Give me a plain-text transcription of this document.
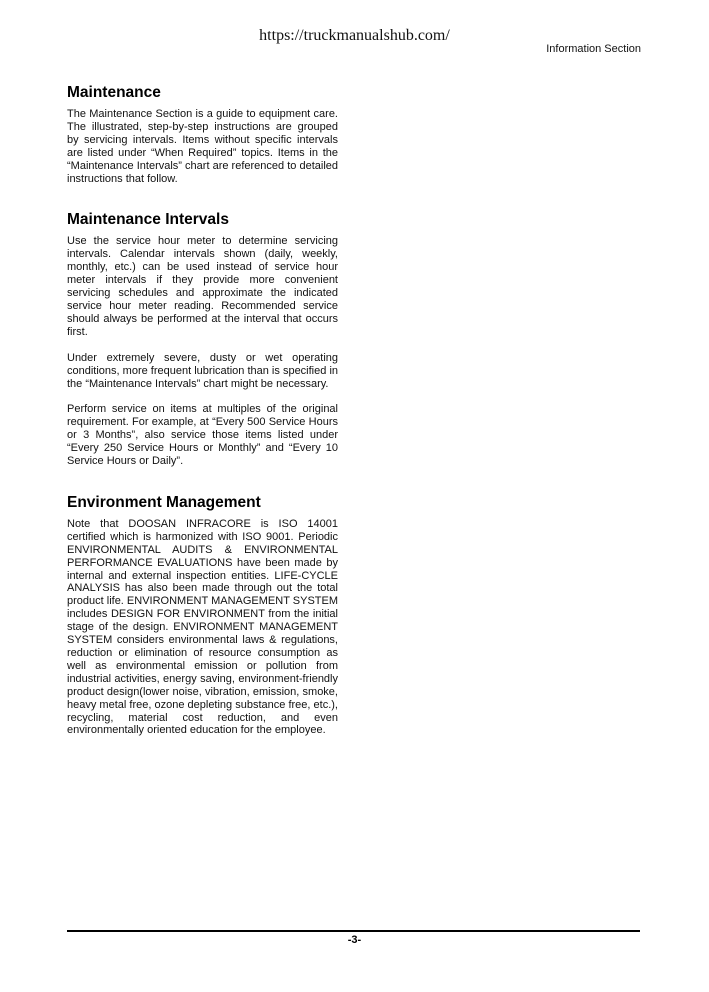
https://truckmanualshub.com/
Information Section
Maintenance

The Maintenance Section is a guide to equipment care. The illustrated, step-by-step instructions are grouped by servicing intervals. Items without specific intervals are listed under “When Required” topics. Items in the “Maintenance Intervals” chart are referenced to detailed instructions that follow.

Maintenance Intervals

Use the service hour meter to determine servicing intervals. Calendar intervals shown (daily, weekly, monthly, etc.) can be used instead of service hour meter intervals if they provide more convenient servicing schedules and approximate the indicated service hour meter reading. Recommended service should always be performed at the interval that occurs first.

Under extremely severe, dusty or wet operating conditions, more frequent lubrication than is specified in the “Maintenance Intervals” chart might be necessary.

Perform service on items at multiples of the original requirement. For example, at “Every 500 Service Hours or 3 Months”, also service those items listed under “Every 250 Service Hours or Monthly” and “Every 10 Service Hours or Daily”.

Environment Management

Note that DOOSAN INFRACORE is ISO 14001 certified which is harmonized with ISO 9001. Periodic ENVIRONMENTAL AUDITS & ENVIRONMENTAL PERFORMANCE EVALUATIONS have been made by internal and external inspection entities. LIFE-CYCLE ANALYSIS has also been made through out the total product life. ENVIRONMENT MANAGEMENT SYSTEM includes DESIGN FOR ENVIRONMENT from the initial stage of the design. ENVIRONMENT MANAGEMENT SYSTEM considers environmental laws & regulations, reduction or elimination of resource consumption as well as environmental emission or pollution from industrial activities, energy saving, environment-friendly product design(lower noise, vibration, emission, smoke, heavy metal free, ozone depleting substance free, etc.), recycling, material cost reduction, and even environmentally oriented education for the employee.

-3-
